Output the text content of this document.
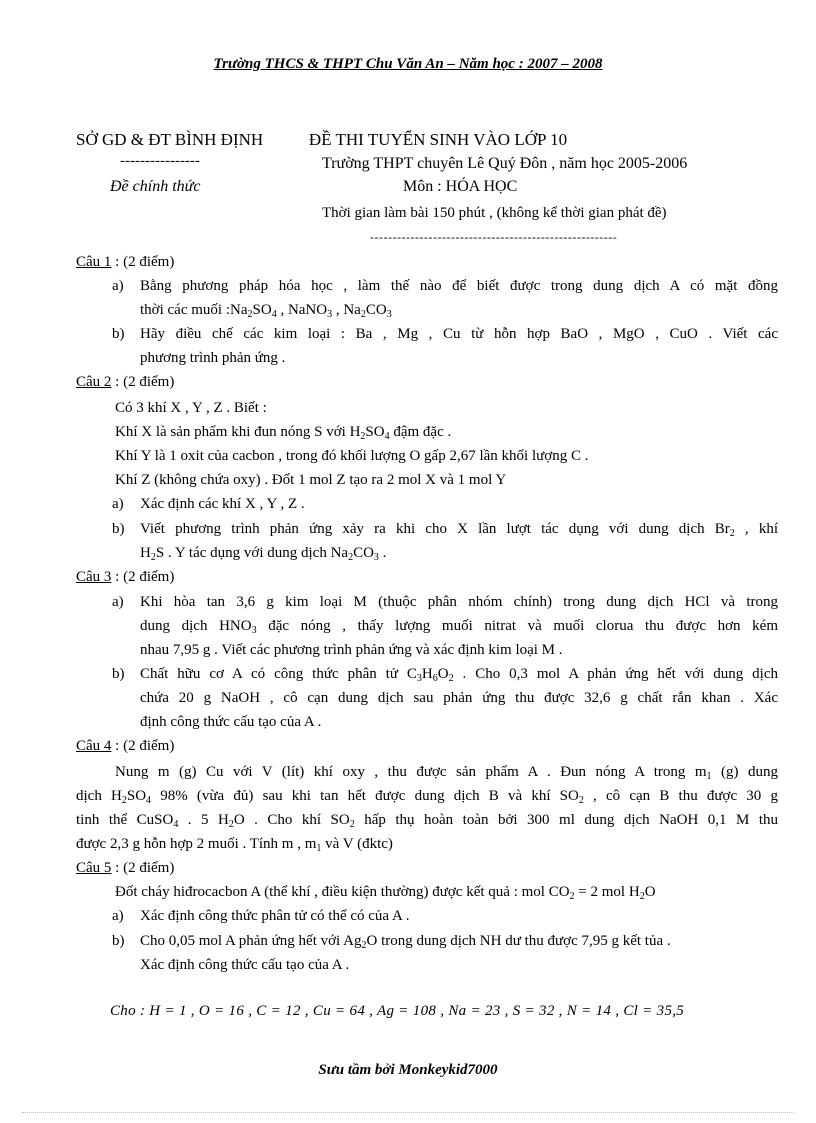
Trường THCS & THPT Chu Văn An – Năm học : 2007 – 2008
SỞ GD & ĐT BÌNH ĐỊNH
----------------
Đề chính thức
ĐỀ THI TUYỂN SINH VÀO LỚP 10
Trường THPT chuyên Lê Quý Đôn , năm học 2005-2006
Môn : HÓA HỌC
Thời gian làm bài 150 phút , (không kể thời gian phát đề)
-------------------------------------------------------
Câu 1 : (2 điểm)
a) Bằng phương pháp hóa học , làm thế nào để biết được trong dung dịch A có mặt đồng
thời các muối $:Na_2SO_4$ , NaNO$_3$ , $Na_2CO_3$
b) Hãy điều chế các kim loại : Ba , Mg , Cu từ hỗn hợp BaO , MgO , CuO . Viết các
phương trình phản ứng .
Câu 2 : (2 điểm)
Có 3 khí X , Y , Z . Biết :
Khí X là sản phẩm khi đun nóng S với $H_2SO_4$ đậm đặc .
Khí Y là 1 oxit của cacbon , trong đó khối lượng O gấp 2,67 lần khối lượng C .
Khí Z (không chứa oxy) . Đốt 1 mol Z tạo ra 2 mol X và 1 mol Y
a) Xác định các khí X , Y , Z .
b) Viết phương trình phản ứng xảy ra khi cho X lần lượt tác dụng với dung dịch $Br_2$ , khí
$H_2S$ . Y tác dụng với dung dịch $Na_2CO_3$ .
Câu 3 : (2 điểm)
a) Khi hòa tan 3,6 g kim loại M (thuộc phân nhóm chính) trong dung dịch HCl và trong
dung dịch $HNO_3$ đặc nóng , thấy lượng muối nitrat và muối clorua thu được hơn kém
nhau 7,95 g . Viết các phương trình phản ứng và xác định kim loại M .
b) Chất hữu cơ A có công thức phân tử $C_3H_6O_2$ . Cho 0,3 mol A phản ứng hết với dung dịch
chứa 20 g NaOH , cô cạn dung dịch sau phản ứng thu được 32,6 g chất rắn khan . Xác
định công thức cấu tạo của A .
Câu 4 : (2 điểm)
Nung m (g) Cu với V (lít) khí oxy , thu được sản phẩm A . Đun nóng A trong $m_1$ (g) dung
dịch $H_2SO_4$ 98% (vừa đủ) sau khi tan hết được dung dịch B và khí $SO_2$ , cô cạn B thu được 30 g
tinh thể CuSO$_4$ . 5 $H_2O$ . Cho khí $SO_2$ hấp thụ hoàn toàn bởi 300 ml dung dịch NaOH 0,1 M thu
được 2,3 g hỗn hợp 2 muối . Tính m , $m_1$ và V (đktc)
Câu 5 : (2 điểm)
Đốt cháy hiđrocacbon A (thể khí , điều kiện thường) được kết quả : mol $CO_2 = 2$ mol $H_2O$
a) Xác định công thức phân tử có thể có của A .
b) Cho 0,05 mol A phản ứng hết với $Ag_2O$ trong dung dịch NH dư thu được 7,95 g kết tủa .
Xác định công thức cấu tạo của A .
Cho : H = 1 , O = 16 , C = 12 , Cu = 64 , Ag = 108 , Na = 23 , S = 32 , N = 14 , Cl = 35,5
Sưu tầm bởi Monkeykid7000
